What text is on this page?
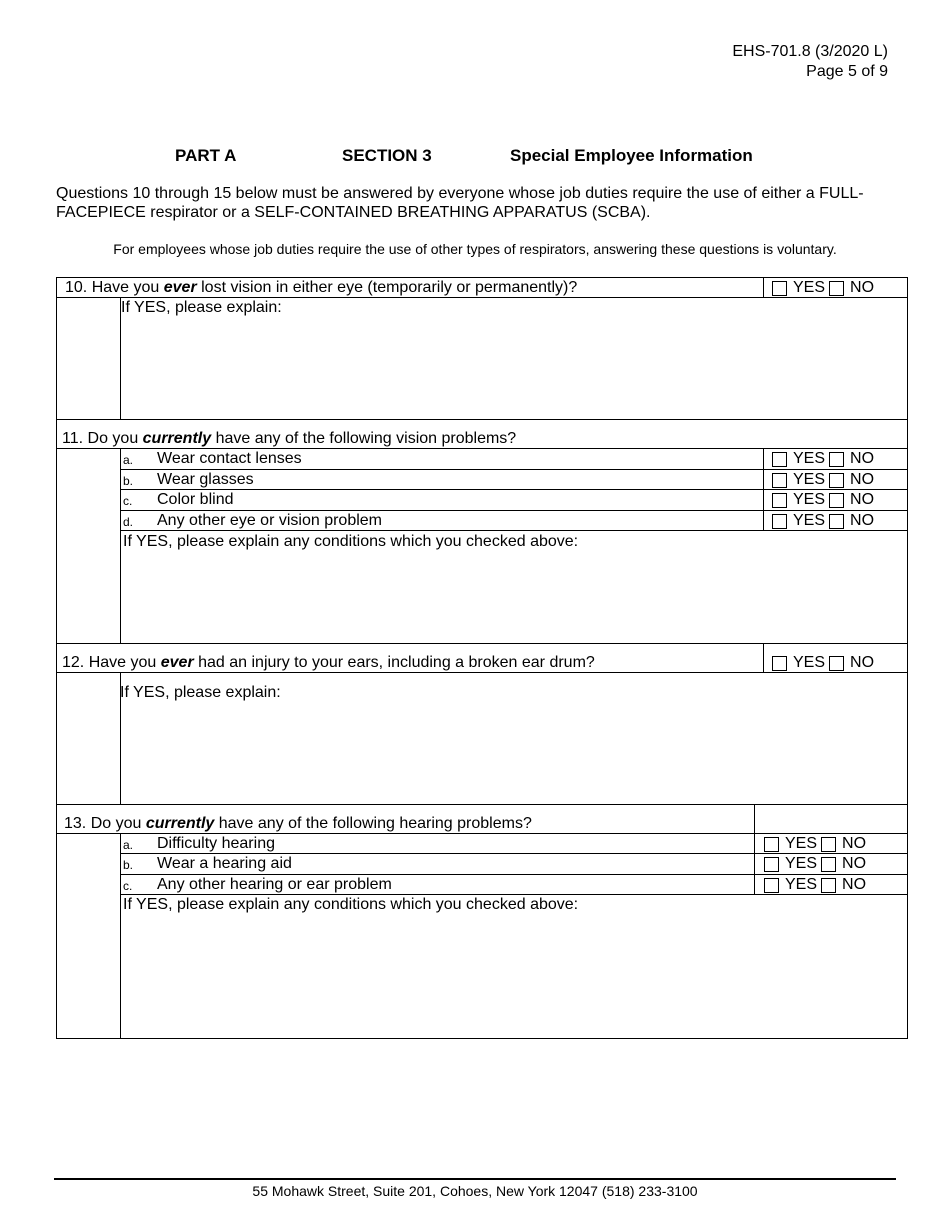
EHS-701.8 (3/2020 L)
Page 5 of 9
PART A	SECTION 3	Special Employee Information
Questions 10 through 15 below must be answered by everyone whose job duties require the use of either a FULL-FACEPIECE respirator or a SELF-CONTAINED BREATHING APPARATUS (SCBA).
For employees whose job duties require the use of other types of respirators, answering these questions is voluntary.
10. Have you ever lost vision in either eye (temporarily or permanently)?	YES NO
If YES, please explain:
11. Do you currently have any of the following vision problems?
a. Wear contact lenses	YES NO
b. Wear glasses	YES NO
c. Color blind	YES NO
d. Any other eye or vision problem	YES NO
If YES, please explain any conditions which you checked above:
12. Have you ever had an injury to your ears, including a broken ear drum?	YES NO
If YES, please explain:
13. Do you currently have any of the following hearing problems?
a. Difficulty hearing	YES NO
b. Wear a hearing aid	YES NO
c. Any other hearing or ear problem	YES NO
If YES, please explain any conditions which you checked above:
55 Mohawk Street, Suite 201, Cohoes, New York 12047 (518) 233-3100
